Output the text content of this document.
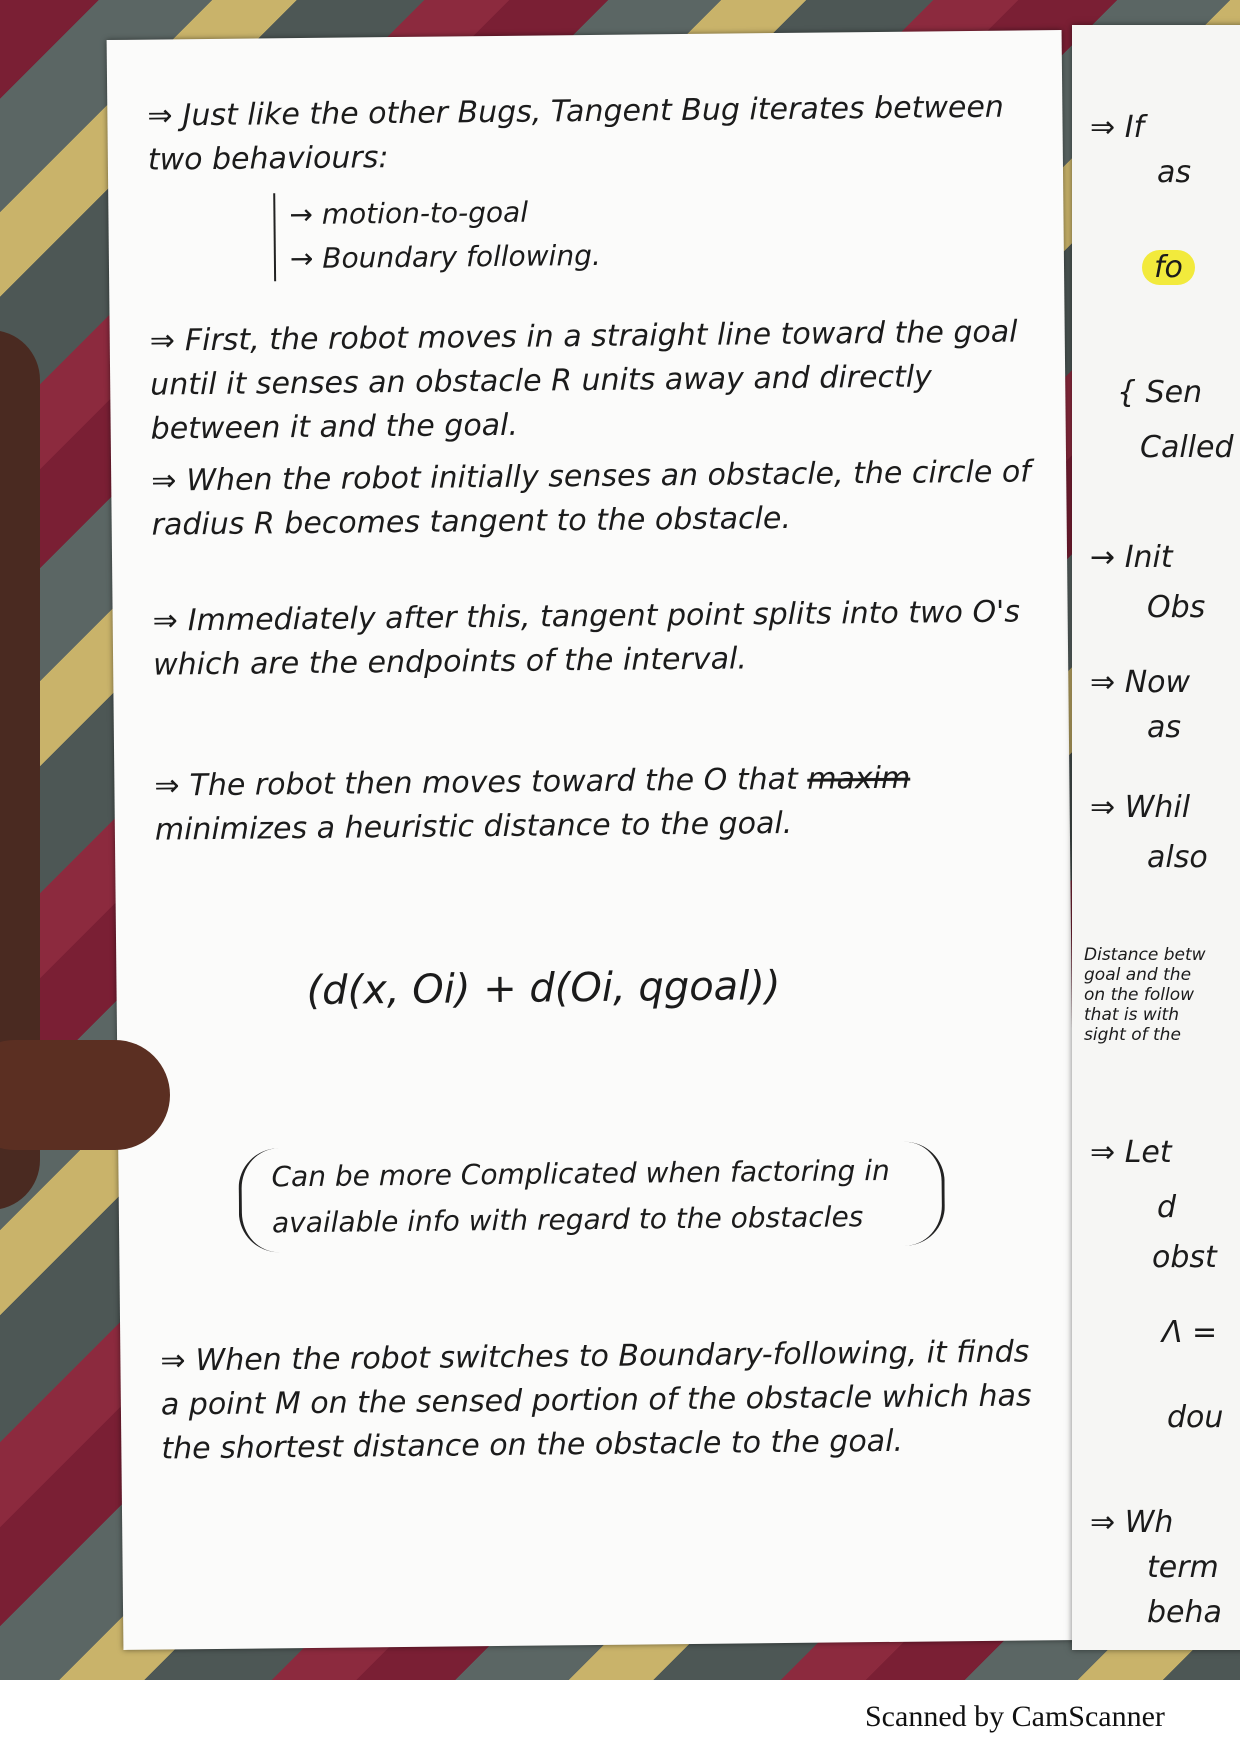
⇒ Just like the other Bugs, Tangent Bug iterates between two behaviours:
→ motion-to-goal
→ Boundary following.
⇒ First, the robot moves in a straight line toward the goal until it senses an obstacle R units away and directly between it and the goal.
⇒ When the robot initially senses an obstacle, the circle of radius R becomes tangent to the obstacle.
⇒ Immediately after this, tangent point splits into two O's which are the endpoints of the interval.
⇒ The robot then moves toward the O that maxim minimizes a heuristic distance to the goal.
(d(x, Oi) + d(Oi, qgoal))
Can be more Complicated when factoring in available info with regard to the obstacles
⇒ When the robot switches to Boundary-following, it finds a point M on the sensed portion of the obstacle which has the shortest distance on the obstacle to the goal.
⇒ If
as
fo
{ Sen
Called
→ Init
Obs
⇒ Now
as
⇒ Whil
also
Distance betw
goal and the
on the follow
that is with
sight of the
⇒ Let
d
obst
Λ =
dou
⇒ Wh
term
beha
Scanned by CamScanner
